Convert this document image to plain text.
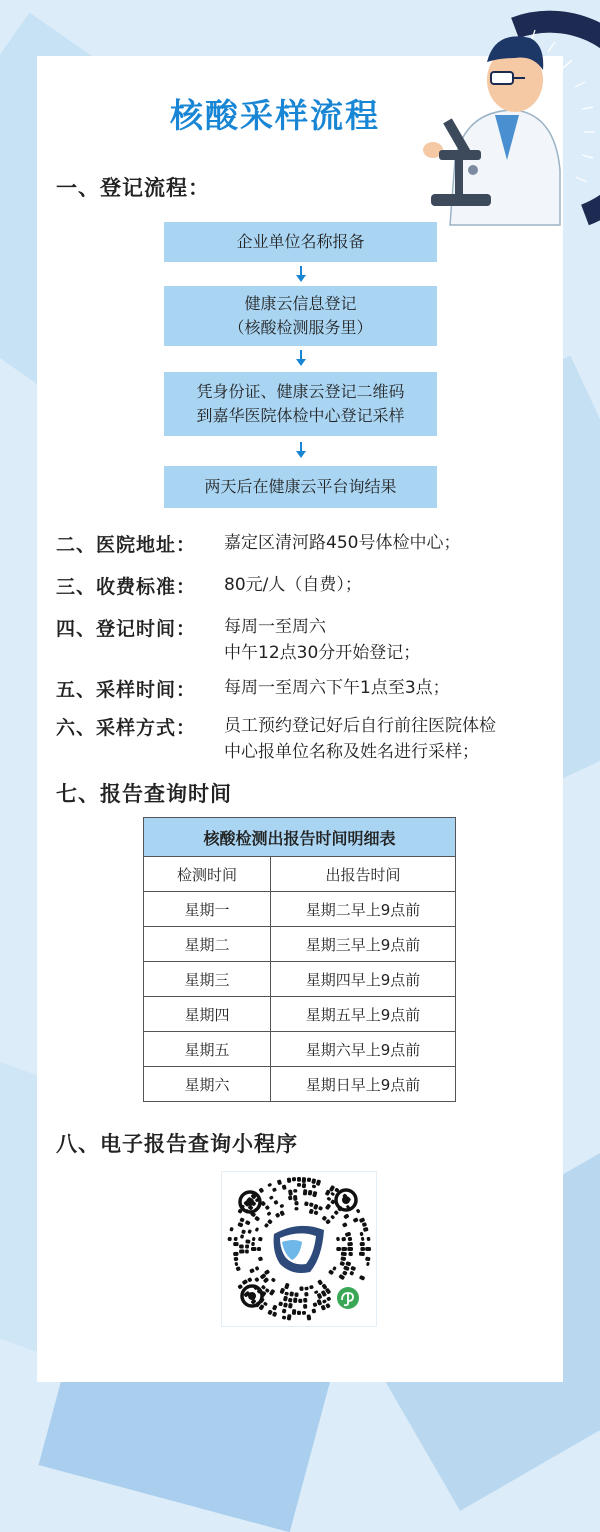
核酸采样流程
一、登记流程：
企业单位名称报备
健康云信息登记
（核酸检测服务里）
凭身份证、健康云登记二维码
到嘉华医院体检中心登记采样
两天后在健康云平台询结果
二、医院地址： 嘉定区清河路450号体检中心；
三、收费标准： 80元/人（自费）；
四、登记时间： 每周一至周六
中午12点30分开始登记；
五、采样时间： 每周一至周六下午1点至3点；
六、采样方式： 员工预约登记好后自行前往医院体检
中心报单位名称及姓名进行采样；
七、报告查询时间
核酸检测出报告时间明细表	
检测时间	出报告时间
星期一	星期二早上9点前
星期二	星期三早上9点前
星期三	星期四早上9点前
星期四	星期五早上9点前
星期五	星期六早上9点前
星期六	星期日早上9点前
八、电子报告查询小程序
